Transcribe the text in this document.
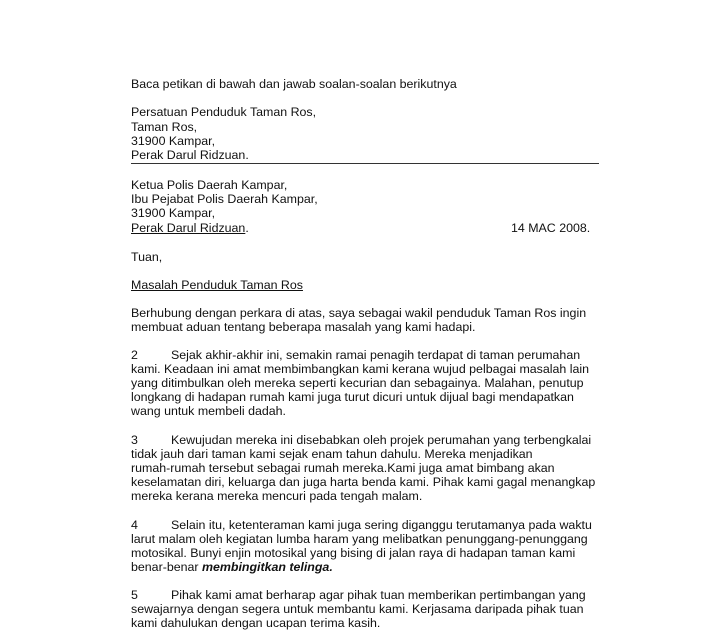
Baca petikan di bawah dan jawab soalan-soalan berikutnya
Persatuan Penduduk Taman Ros,
Taman Ros,
31900 Kampar,
Perak Darul Ridzuan.
Ketua Polis Daerah Kampar,
Ibu Pejabat Polis Daerah Kampar,
31900 Kampar,
Perak Darul Ridzuan.	14 MAC 2008.
Tuan,
Masalah Penduduk Taman Ros
Berhubung dengan perkara di atas, saya sebagai wakil penduduk Taman Ros ingin
membuat aduan tentang beberapa masalah yang kami hadapi.
2	Sejak akhir-akhir ini, semakin ramai penagih terdapat di taman perumahan
kami. Keadaan ini amat membimbangkan kami kerana wujud pelbagai masalah lain
yang ditimbulkan oleh mereka seperti kecurian dan sebagainya. Malahan, penutup
longkang di hadapan rumah kami juga turut dicuri untuk dijual bagi mendapatkan
wang untuk membeli dadah.
3	Kewujudan mereka ini disebabkan oleh projek perumahan yang terbengkalai
tidak jauh dari taman kami sejak enam tahun dahulu. Mereka menjadikan
rumah-rumah tersebut sebagai rumah mereka.Kami juga amat bimbang akan
keselamatan diri, keluarga dan juga harta benda kami. Pihak kami gagal menangkap
mereka kerana mereka mencuri pada tengah malam.
4	Selain itu, ketenteraman kami juga sering diganggu terutamanya pada waktu
larut malam oleh kegiatan lumba haram yang melibatkan penunggang-penunggang
motosikal. Bunyi enjin motosikal yang bising di jalan raya di hadapan taman kami
benar-benar membingitkan telinga.
5	Pihak kami amat berharap agar pihak tuan memberikan pertimbangan yang
sewajarnya dengan segera untuk membantu kami. Kerjasama daripada pihak tuan
kami dahulukan dengan ucapan terima kasih.
